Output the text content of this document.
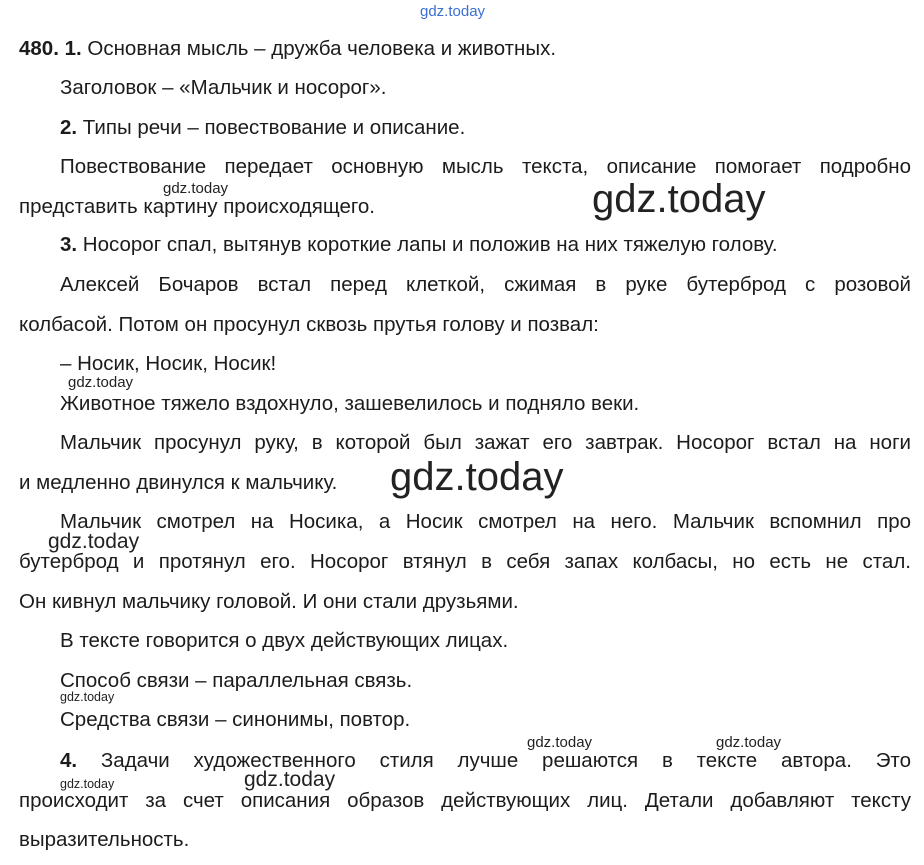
gdz.today
480. 1. Основная мысль – дружба человека и животных.
Заголовок – «Мальчик и носорог».
2. Типы речи – повествование и описание.
Повествование передает основную мысль текста, описание помогает подробно
gdz.today
представить картину происходящего.	gdz.today
3. Носорог спал, вытянув короткие лапы и положив на них тяжелую голову.
Алексей Бочаров встал перед клеткой, сжимая в руке бутерброд с розовой
колбасой. Потом он просунул сквозь прутья голову и позвал:
– Носик, Носик, Носик!
gdz.today
Животное тяжело вздохнуло, зашевелилось и подняло веки.
Мальчик просунул руку, в которой был зажат его завтрак. Носорог встал на ноги
и медленно двинулся к мальчику. gdz.today
Мальчик смотрел на Носика, а Носик смотрел на него. Мальчик вспомнил про
gdz.today
бутерброд и протянул его. Носорог втянул в себя запах колбасы, но есть не стал.
Он кивнул мальчику головой. И они стали друзьями.
В тексте говорится о двух действующих лицах.
Способ связи – параллельная связь.
gdz.today
Средства связи – синонимы, повтор.
gdz.today	gdz.today
4. Задачи художественного стиля лучше решаются в тексте автора. Это
gdz.today	gdz.today
происходит за счет описания образов действующих лиц. Детали добавляют тексту
выразительность.
